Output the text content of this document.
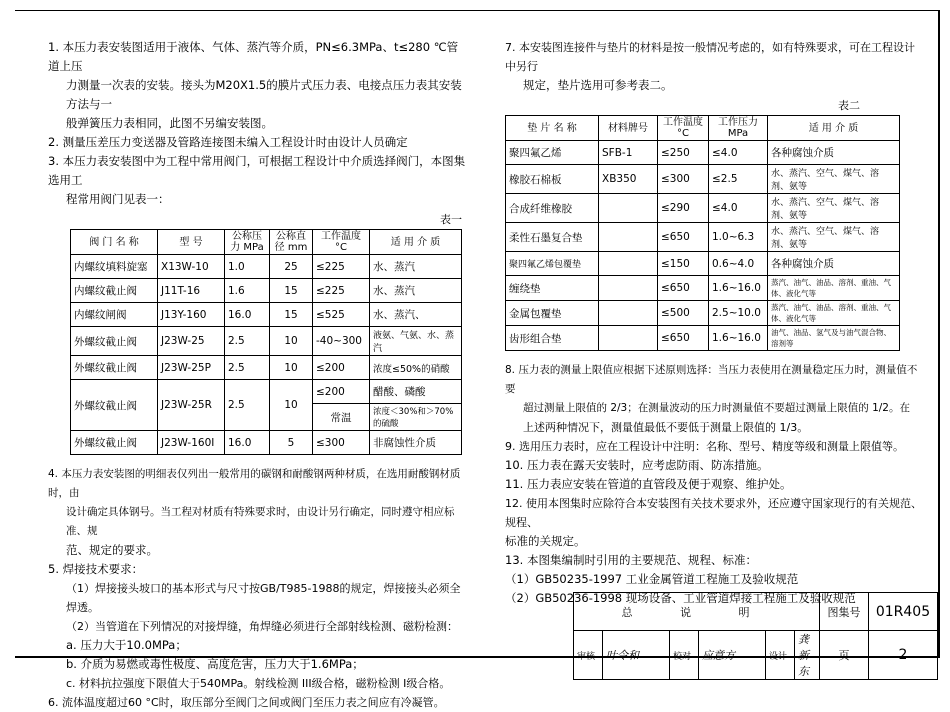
1. 本压力表安装图适用于液体、气体、蒸汽等介质，PN≤6.3MPa、t≤280 ℃管道上压

力测量一次表的安装。接头为M20X1.5的膜片式压力表、电接点压力表其安装方法与一

般弹簧压力表相同，此图不另编安装图。

2. 测量压差压力变送器及管路连接图未编入工程设计时由设计人员确定

3. 本压力表安装图中为工程中常用阀门，可根据工程设计中介质选择阀门，本图集选用工

程常用阀门见表一：

表一
阀 门 名 称	型 号	公称压力 MPa	公称直径 mm	工作温度 °C	适 用 介 质
内螺纹填料旋塞	X13W-10	1.0	25	≤225	水、蒸汽
内螺纹截止阀	J11T-16	1.6	15	≤225	水、蒸汽
内螺纹闸阀	J13Y-160	16.0	15	≤525	水、蒸汽、
外螺纹截止阀	J23W-25	2.5	10	-40~300	液氨、气氨、水、蒸汽
外螺纹截止阀	J23W-25P	2.5	10	≤200	浓度≤50%的硝酸
外螺纹截止阀	J23W-25R	2.5	10	≤200	醋酸、磷酸
				常温	浓度＜30%和＞70%的硫酸
外螺纹截止阀	J23W-160I	16.0	5	≤300	非腐蚀性介质

4. 本压力表安装图的明细表仅列出一般常用的碳钢和耐酸钢两种材质，在选用耐酸钢材质时，由

设计确定具体钢号。当工程对材质有特殊要求时，由设计另行确定，同时遵守相应标准、规

范、规定的要求。

5. 焊接技术要求：

（1）焊接接头坡口的基本形式与尺寸按GB/T985-1988的规定，焊接接头必须全焊透。

（2）当管道在下列情况的对接焊缝，角焊缝必须进行全部射线检测、磁粉检测：

a. 压力大于10.0MPa；

b. 介质为易燃或毒性极度、高度危害，压力大于1.6MPa；

c. 材料抗拉强度下限值大于540MPa。射线检测 III级合格，磁粉检测 I级合格。

6. 流体温度超过60 °C时，取压部分至阀门之间或阀门至压力表之间应有冷凝管。

7. 本安装图连接件与垫片的材料是按一般情况考虑的，如有特殊要求，可在工程设计中另行

规定，垫片选用可参考表二。

表二
垫 片 名 称	材料牌号	工作温度 °C	工作压力 MPa	适 用 介 质
聚四氟乙烯	SFB-1	≤250	≤4.0	各种腐蚀介质
橡胶石棉板	XB350	≤300	≤2.5	水、蒸汽、空气、煤气、溶剂、氨等
合成纤维橡胶		≤290	≤4.0	水、蒸汽、空气、煤气、溶剂、氨等
柔性石墨复合垫		≤650	1.0~6.3	水、蒸汽、空气、煤气、溶剂、氨等
聚四氟乙烯包覆垫		≤150	0.6~4.0	各种腐蚀介质
缠绕垫		≤650	1.6~16.0	蒸汽、油气、油品、溶剂、重油、气体、液化气等
金属包覆垫		≤500	2.5~10.0	蒸汽、油气、油品、溶剂、重油、气体、液化气等
齿形组合垫		≤650	1.6~16.0	油气、油品、氢气及与油气混合物、溶剂等

8. 压力表的测量上限值应根据下述原则选择：当压力表使用在测量稳定压力时，测量值不要

超过测量上限值的 2/3；在测量波动的压力时测量值不要超过测量上限值的 1/2。在

上述两种情况下，测量值最低不要低于测量上限值的 1/3。

9. 选用压力表时，应在工程设计中注明：名称、型号、精度等级和测量上限值等。

10. 压力表在露天安装时，应考虑防雨、防冻措施。

11. 压力表应安装在管道的直管段及便于观察、维护处。

12. 使用本图集时应除符合本安装图有关技术要求外，还应遵守国家现行的有关规范、规程、

标准的关规定。

13. 本图集编制时引用的主要规范、规程、标准：

（1）GB50235-1997 工业金属管道工程施工及验收规范

（2）GB50236-1998 现场设备、工业管道焊接工程施工及验收规范

总 说 明						图集号	01R405
审核	叶令和	校对	应意方	设计	龚新东	页	2
